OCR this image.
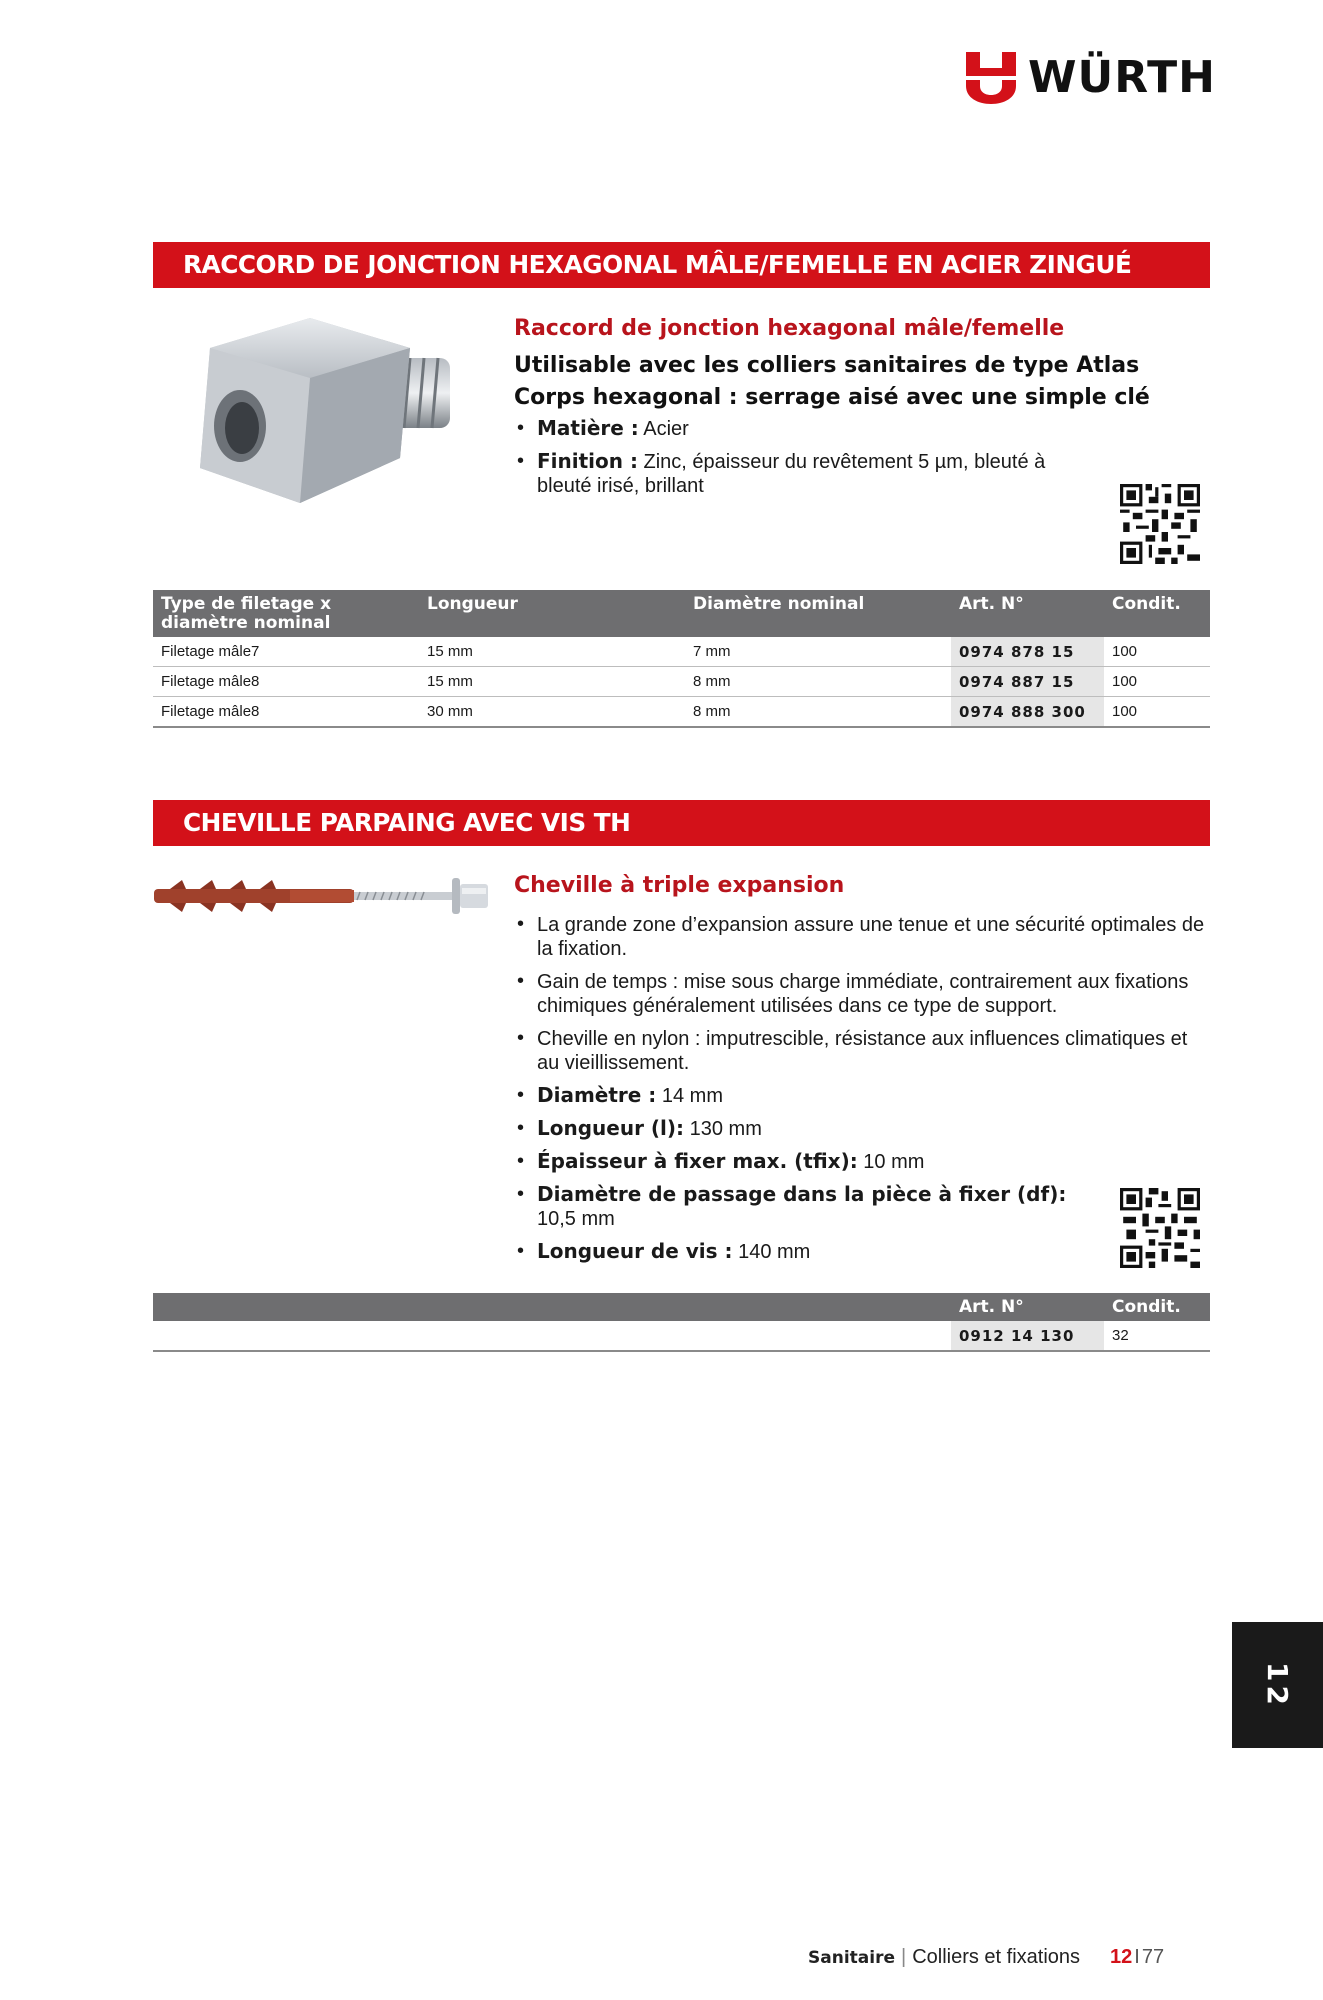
WÜRTH
RACCORD DE JONCTION HEXAGONAL MÂLE/FEMELLE EN ACIER ZINGUÉ
Raccord de jonction hexagonal mâle/femelle
Utilisable avec les colliers sanitaires de type Atlas
Corps hexagonal : serrage aisé avec une simple clé
• Matière : Acier
• Finition : Zinc, épaisseur du revêtement 5 µm, bleuté à bleuté irisé, brillant
Type de filetage x diamètre nominal	Longueur	Diamètre nominal	Art. N°	Condit.
Filetage mâle7	15 mm	7 mm	0974 878 15	100
Filetage mâle8	15 mm	8 mm	0974 887 15	100
Filetage mâle8	30 mm	8 mm	0974 888 300	100
CHEVILLE PARPAING AVEC VIS TH
Cheville à triple expansion
• La grande zone d’expansion assure une tenue et une sécurité optimales de la fixation.
• Gain de temps : mise sous charge immédiate, contrairement aux fixations chimiques généralement utilisées dans ce type de support.
• Cheville en nylon : imputrescible, résistance aux influences climatiques et au vieillissement.
• Diamètre : 14 mm
• Longueur (l): 130 mm
• Épaisseur à fixer max. (tfix): 10 mm
• Diamètre de passage dans la pièce à fixer (df): 10,5 mm
• Longueur de vis : 140 mm
	Art. N°	Condit.
	0912 14 130	32
12
Sanitaire | Colliers et fixations 12 I 77
